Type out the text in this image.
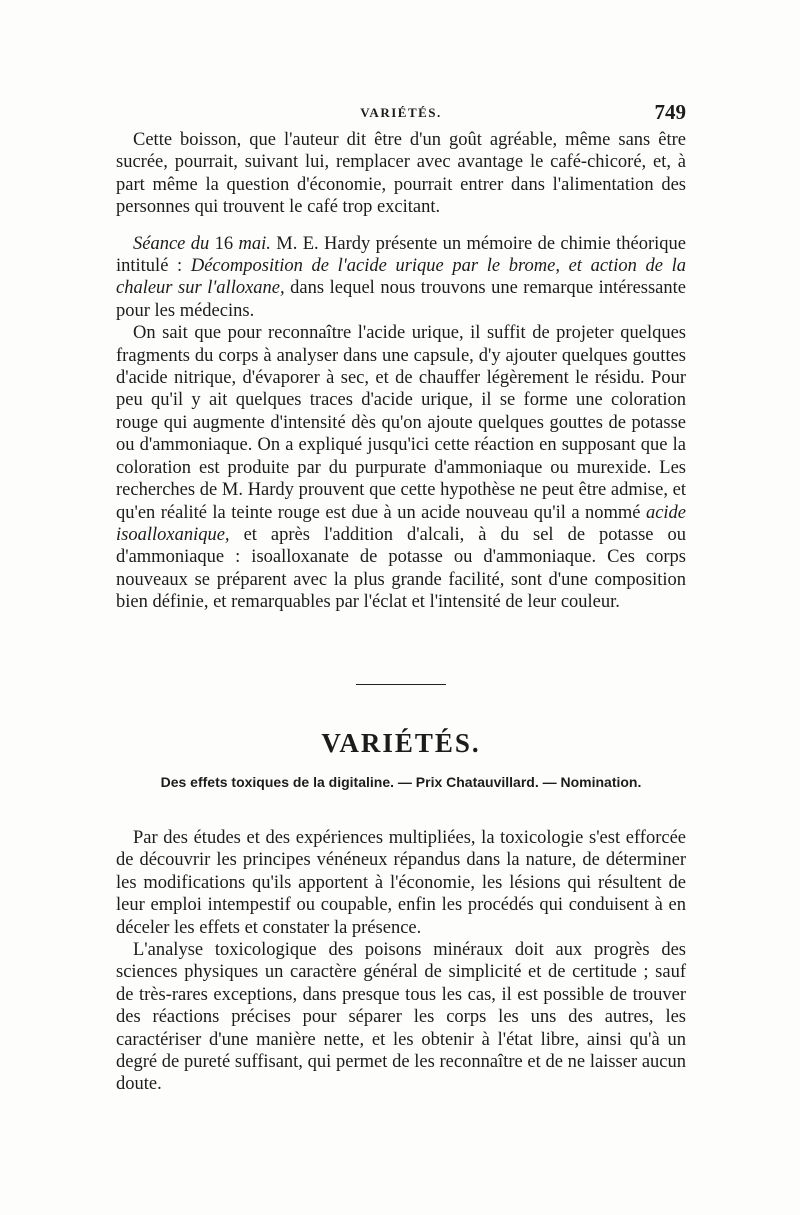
VARIÉTÉS.	749

Cette boisson, que l'auteur dit être d'un goût agréable, même sans être sucrée, pourrait, suivant lui, remplacer avec avantage le café-chicoré, et, à part même la question d'économie, pourrait entrer dans l'alimentation des personnes qui trouvent le café trop excitant.

Séance du 16 mai. M. E. Hardy présente un mémoire de chimie théorique intitulé : Décomposition de l'acide urique par le brome, et action de la chaleur sur l'alloxane, dans lequel nous trouvons une remarque intéressante pour les médecins.

On sait que pour reconnaître l'acide urique, il suffit de projeter quelques fragments du corps à analyser dans une capsule, d'y ajouter quelques gouttes d'acide nitrique, d'évaporer à sec, et de chauffer légèrement le résidu. Pour peu qu'il y ait quelques traces d'acide urique, il se forme une coloration rouge qui augmente d'intensité dès qu'on ajoute quelques gouttes de potasse ou d'ammoniaque. On a expliqué jusqu'ici cette réaction en supposant que la coloration est produite par du purpurate d'ammoniaque ou murexide. Les recherches de M. Hardy prouvent que cette hypothèse ne peut être admise, et qu'en réalité la teinte rouge est due à un acide nouveau qu'il a nommé acide isoalloxanique, et après l'addition d'alcali, à du sel de potasse ou d'ammoniaque : isoalloxanate de potasse ou d'ammoniaque. Ces corps nouveaux se préparent avec la plus grande facilité, sont d'une composition bien définie, et remarquables par l'éclat et l'intensité de leur couleur.

VARIÉTÉS.
Des effets toxiques de la digitaline. — Prix Chatauvillard. — Nomination.

Par des études et des expériences multipliées, la toxicologie s'est efforcée de découvrir les principes vénéneux répandus dans la nature, de déterminer les modifications qu'ils apportent à l'économie, les lésions qui résultent de leur emploi intempestif ou coupable, enfin les procédés qui conduisent à en déceler les effets et constater la présence.

L'analyse toxicologique des poisons minéraux doit aux progrès des sciences physiques un caractère général de simplicité et de certitude ; sauf de très-rares exceptions, dans presque tous les cas, il est possible de trouver des réactions précises pour séparer les corps les uns des autres, les caractériser d'une manière nette, et les obtenir à l'état libre, ainsi qu'à un degré de pureté suffisant, qui permet de les reconnaître et de ne laisser aucun doute.
